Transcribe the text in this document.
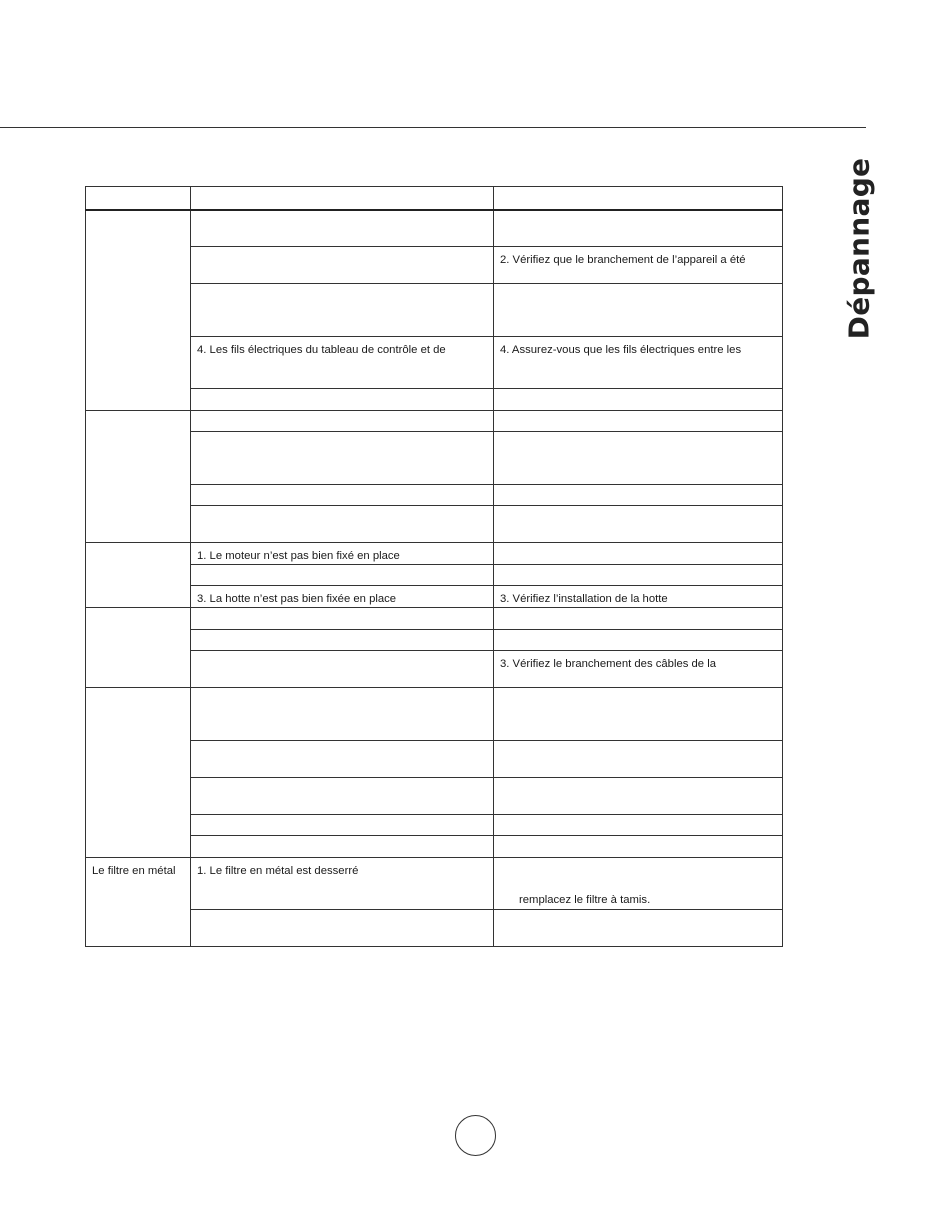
Dépannage

		2. Vérifiez que le branchement de l’appareil a été

	4. Les fils électriques du tableau de contrôle et de	4. Assurez-vous que les fils électriques entre les

	1. Le moteur n’est pas bien fixé en place	

	3. La hotte n’est pas bien fixée en place	3. Vérifiez l’installation de la hotte

		3. Vérifiez le branchement des câbles de la

Le filtre en métal	1. Le filtre en métal est desserré	remplacez le filtre à tamis.
